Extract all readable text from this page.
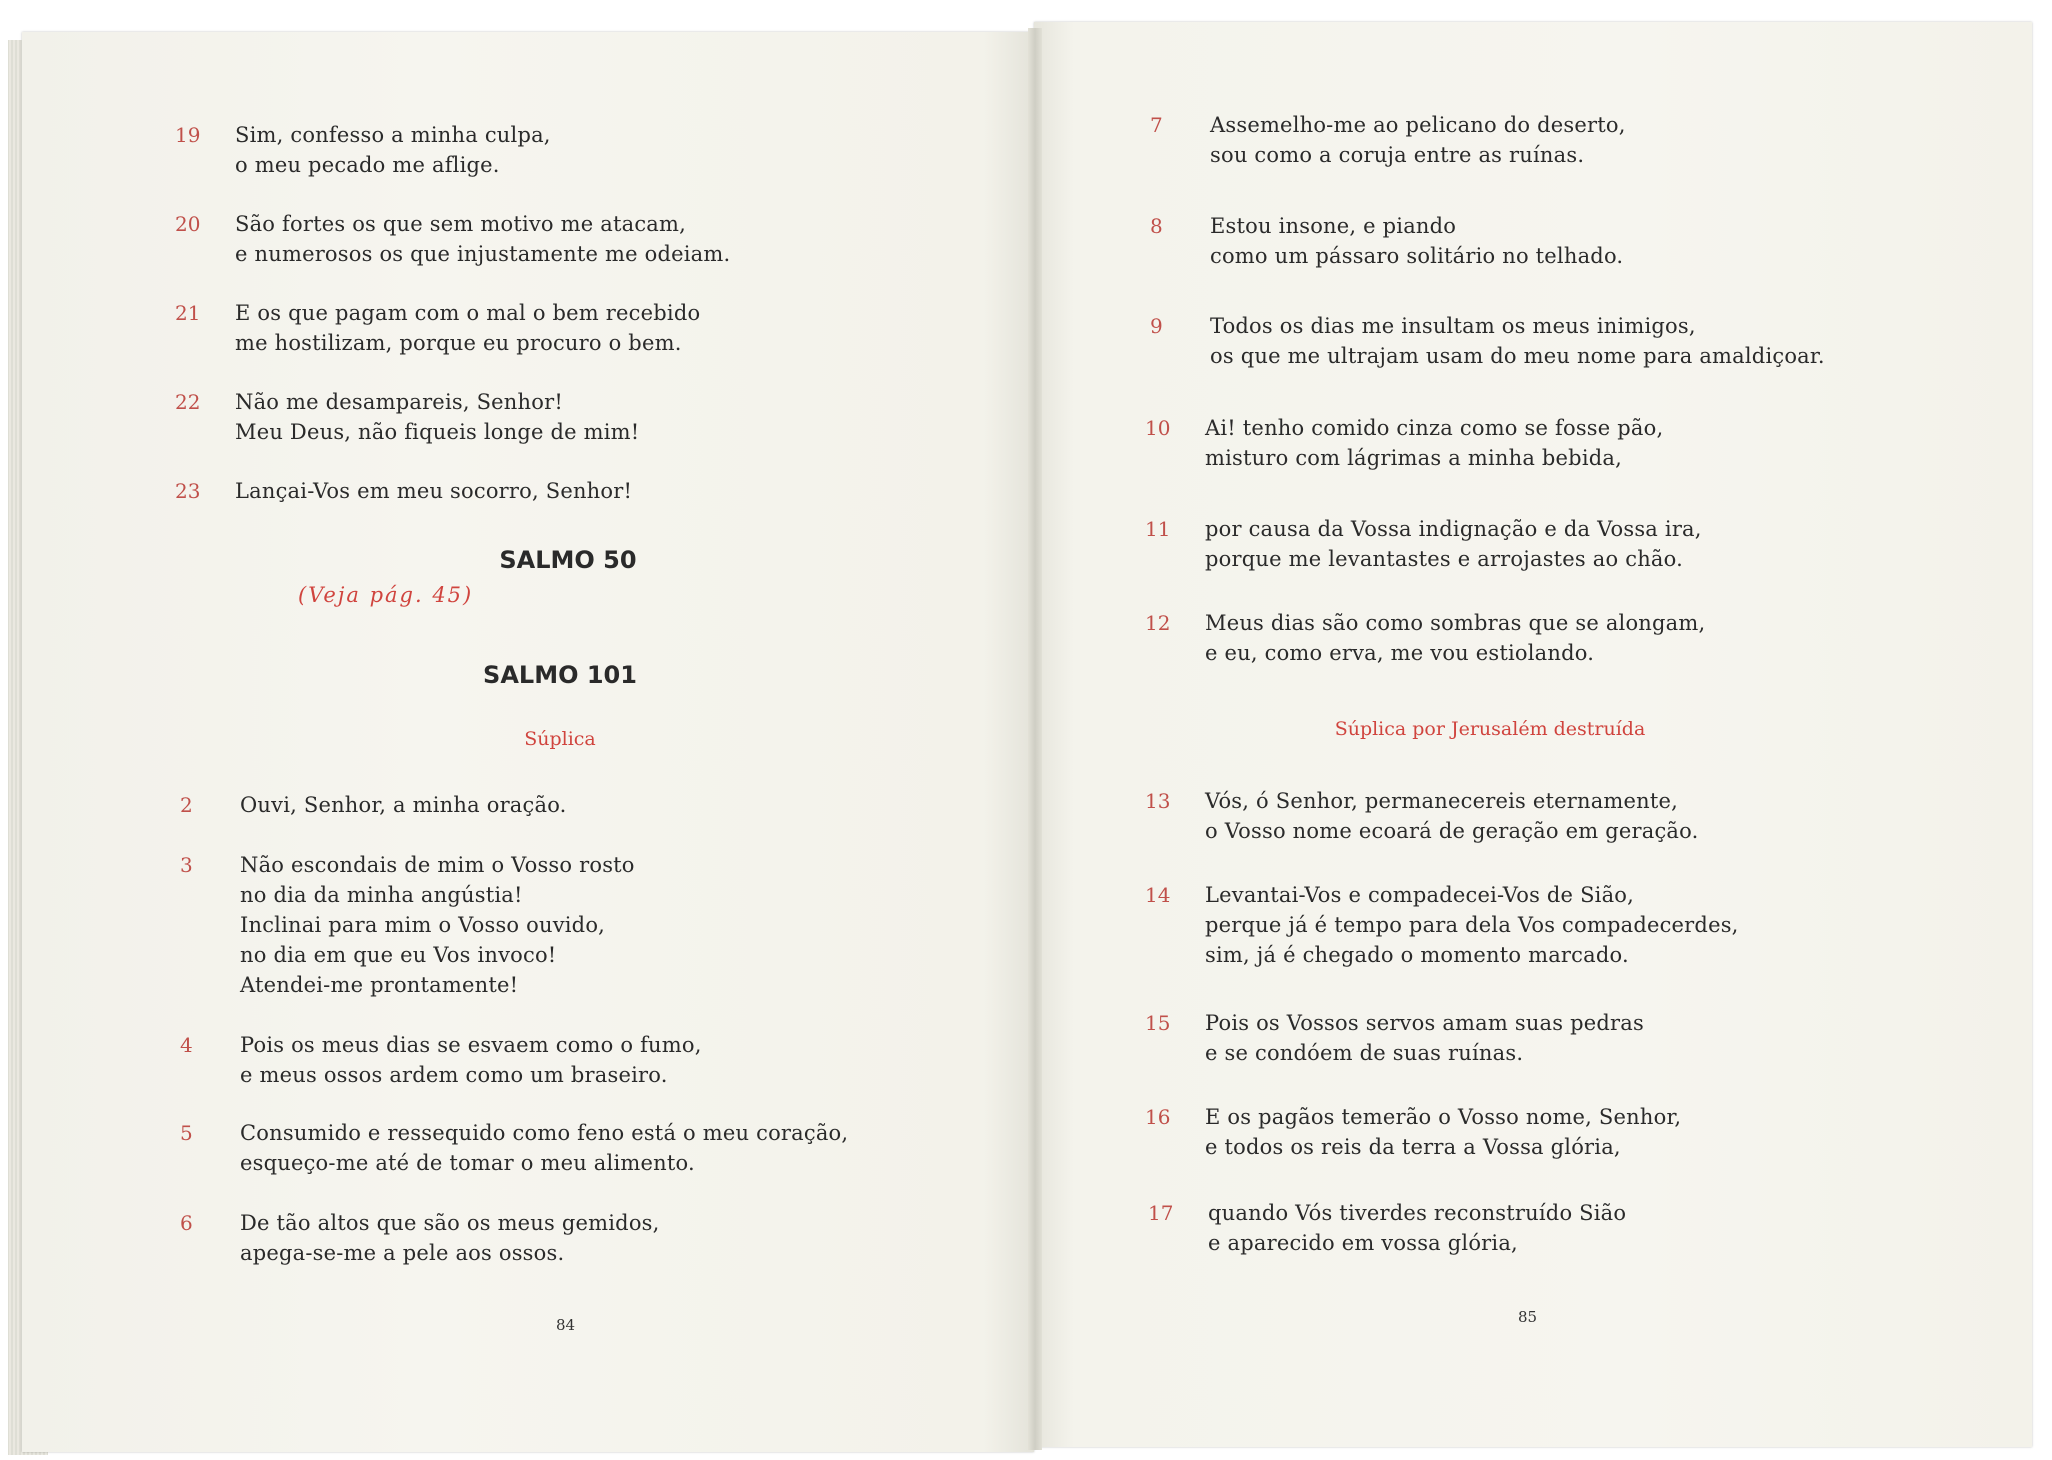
19	Sim, confesso a minha culpa,
o meu pecado me aflige.
20	São fortes os que sem motivo me atacam,
e numerosos os que injustamente me odeiam.
21	E os que pagam com o mal o bem recebido
me hostilizam, porque eu procuro o bem.
22	Não me desampareis, Senhor!
Meu Deus, não fiqueis longe de mim!
23	Lançai-Vos em meu socorro, Senhor!
SALMO 50
(Veja pág. 45)
SALMO 101
Súplica
2	Ouvi, Senhor, a minha oração.
3	Não escondais de mim o Vosso rosto
no dia da minha angústia!
Inclinai para mim o Vosso ouvido,
no dia em que eu Vos invoco!
Atendei-me prontamente!
4	Pois os meus dias se esvaem como o fumo,
e meus ossos ardem como um braseiro.
5	Consumido e ressequido como feno está o meu coração,
esqueço-me até de tomar o meu alimento.
6	De tão altos que são os meus gemidos,
apega-se-me a pele aos ossos.
84
7	Assemelho-me ao pelicano do deserto,
sou como a coruja entre as ruínas.
8	Estou insone, e piando
como um pássaro solitário no telhado.
9	Todos os dias me insultam os meus inimigos,
os que me ultrajam usam do meu nome para amaldiçoar.
10	Ai! tenho comido cinza como se fosse pão,
misturo com lágrimas a minha bebida,
11	por causa da Vossa indignação e da Vossa ira,
porque me levantastes e arrojastes ao chão.
12	Meus dias são como sombras que se alongam,
e eu, como erva, me vou estiolando.
Súplica por Jerusalém destruída
13	Vós, ó Senhor, permanecereis eternamente,
o Vosso nome ecoará de geração em geração.
14	Levantai-Vos e compadecei-Vos de Sião,
perque já é tempo para dela Vos compadecerdes,
sim, já é chegado o momento marcado.
15	Pois os Vossos servos amam suas pedras
e se condóem de suas ruínas.
16	E os pagãos temerão o Vosso nome, Senhor,
e todos os reis da terra a Vossa glória,
17	quando Vós tiverdes reconstruído Sião
e aparecido em vossa glória,
85
